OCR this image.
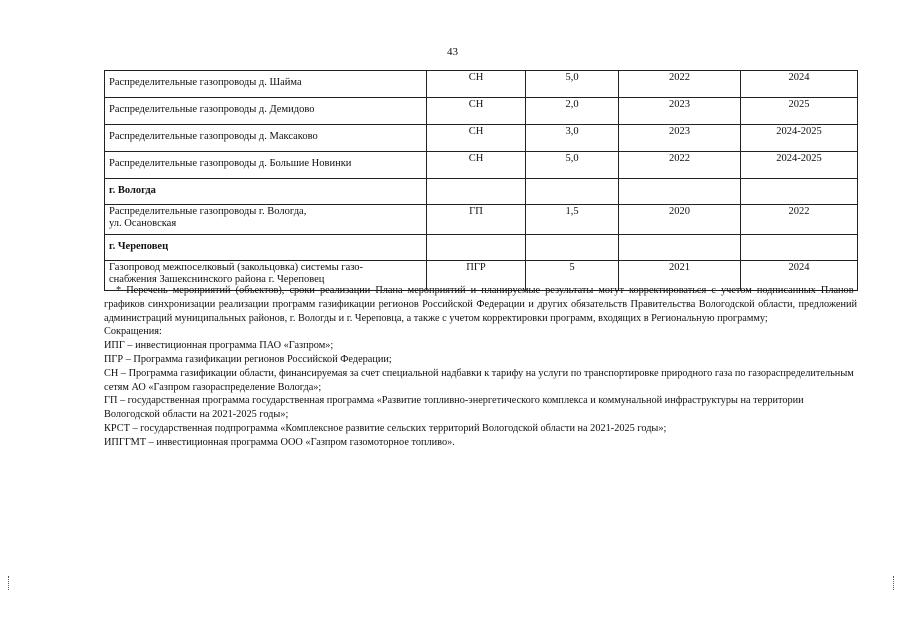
43
Распределительные газопроводы д. Шайма	СН	5,0	2022	2024
Распределительные газопроводы д. Демидово	СН	2,0	2023	2025
Распределительные газопроводы д. Максаково	СН	3,0	2023	2024-2025
Распределительные газопроводы д. Большие Новинки	СН	5,0	2022	2024-2025
г. Вологда				
Распределительные газопроводы г. Вологда,
ул. Осановская	ГП	1,5	2020	2022
г. Череповец				
Газопровод межпоселковый (закольцовка) системы газо-
снабжения Зашекснинского района г. Череповец	ПГР	5	2021	2024

* Перечень мероприятий (объектов), сроки реализации Плана мероприятий и планируемые результаты могут корректироваться с учетом подписанных Планов-графиков синхронизации реализации программ газификации регионов Российской Федерации и других обязательств Правительства Вологодской области, предложений администраций муниципальных районов, г. Вологды и г. Череповца, а также с учетом корректировки программ, входящих в Региональную программу;

Сокращения:

ИПГ – инвестиционная программа ПАО «Газпром»;

ПГР – Программа газификации регионов Российской Федерации;

СН – Программа газификации области, финансируемая за счет специальной надбавки к тарифу на услуги по транспортировке природного газа по газораспределительным сетям АО «Газпром газораспределение Вологда»;

ГП – государственная программа государственная программа «Развитие топливно-энергетического комплекса и коммунальной инфраструктуры на территории Вологодской области на 2021-2025 годы»;

КРСТ – государственная подпрограмма «Комплексное развитие сельских территорий Вологодской области на 2021-2025 годы»;

ИПГГМТ – инвестиционная программа ООО «Газпром газомоторное топливо».
